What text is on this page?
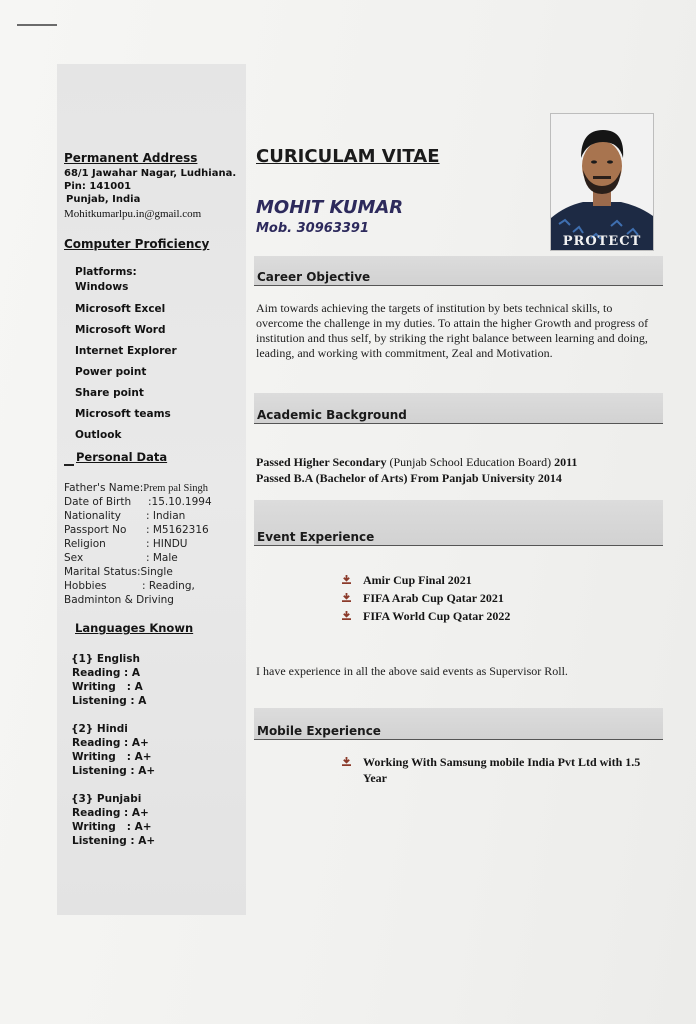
Permanent Address
68/1 Jawahar Nagar, Ludhiana.
Pin: 141001
Punjab, India
Mohitkumarlpu.in@gmail.com
Computer Proficiency
Platforms:
Windows
Microsoft Excel
Microsoft Word
Internet Explorer
Power point
Share point
Microsoft teams
Outlook
Personal Data
Father's Name:Prem pal Singh
Date of Birth :15.10.1994
Nationality : Indian
Passport No : M5162316
Religion	: HINDU
Sex	: Male
Marital Status:Single
Hobbies	: Reading,
Badminton & Driving
Languages Known
{1} English
Reading : A
Writing   : A
Listening : A
{2} Hindi
Reading : A+
Writing   : A+
Listening : A+
{3} Punjabi
Reading : A+
Writing   : A+
Listening : A+
CURICULAM VITAE
MOHIT KUMAR
Mob. 30963391
PROTECT
Career Objective
Aim towards achieving the targets of institution by bets technical skills, to overcome the challenge in my duties. To attain the higher Growth and progress of institution and thus self, by striking the right balance between learning and doing, leading, and working with commitment, Zeal and Motivation.
Academic Background
Passed Higher Secondary (Punjab School Education Board) 2011
Passed B.A (Bachelor of Arts) From Panjab University 2014
Event Experience
Amir Cup Final 2021
FIFA Arab Cup Qatar 2021
FIFA World Cup Qatar 2022
I have experience in all the above said events as Supervisor Roll.
Mobile Experience
Working With Samsung mobile India Pvt Ltd with 1.5 Year
